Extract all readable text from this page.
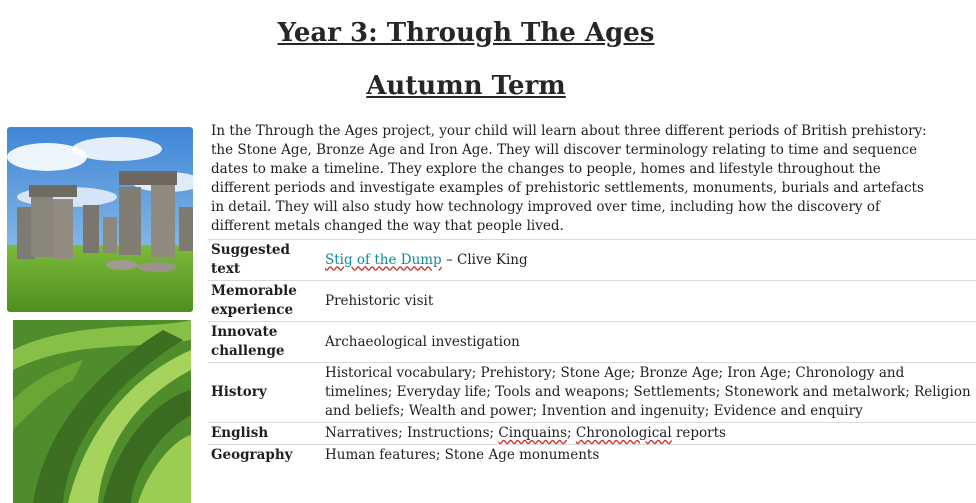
Year 3: Through The Ages
Autumn Term

In the Through the Ages project, your child will learn about three different periods of British prehistory: the Stone Age, Bronze Age and Iron Age. They will discover terminology relating to time and sequence dates to make a timeline. They explore the changes to people, homes and lifestyle throughout the different periods and investigate examples of prehistoric settlements, monuments, burials and artefacts in detail. They will also study how technology improved over time, including how the discovery of different metals changed the way that people lived.

Suggested text	Stig of the Dump – Clive King
Memorable
experience	Prehistoric visit
Innovate
challenge	Archaeological investigation
History	Historical vocabulary; Prehistory; Stone Age; Bronze Age; Iron Age; Chronology and timelines; Everyday life; Tools and weapons; Settlements; Stonework and metalwork; Religion and beliefs; Wealth and power; Invention and ingenuity; Evidence and enquiry
English	Narratives; Instructions; Cinquains; Chronological reports
Geography	Human features; Stone Age monuments
